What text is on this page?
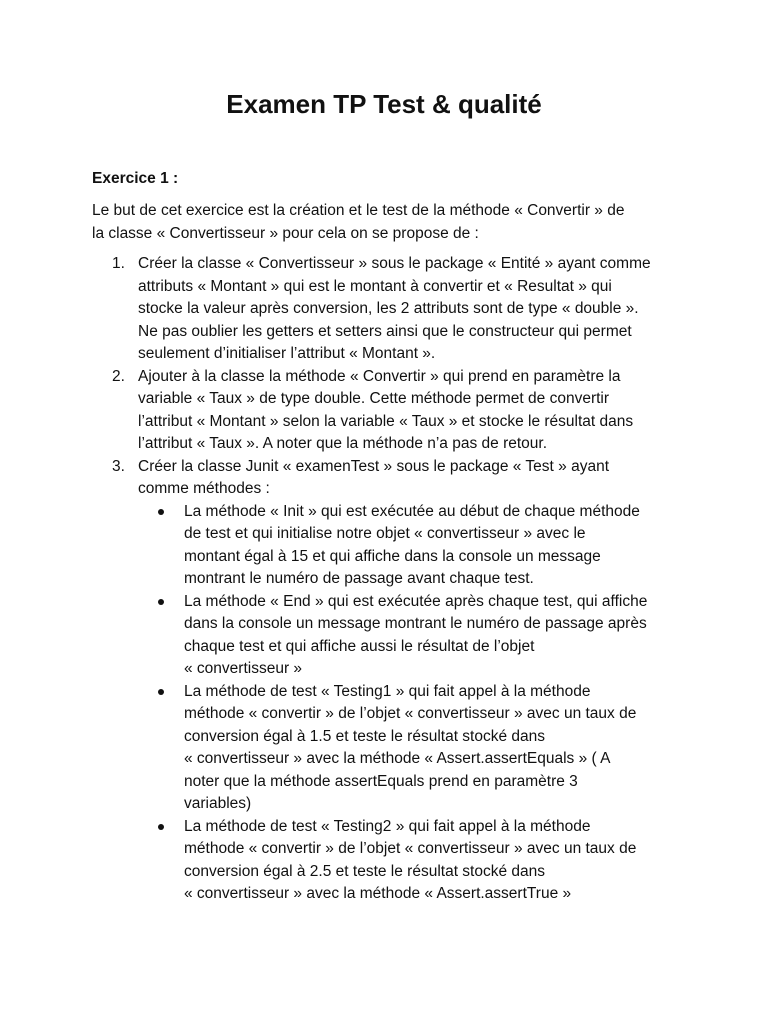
Examen TP Test & qualité
Exercice 1 :
Le but de cet exercice est la création et le test de la méthode « Convertir » de
la classe « Convertisseur » pour cela on se propose de :
1. Créer la classe « Convertisseur » sous le package « Entité » ayant comme
attributs « Montant » qui est le montant à convertir et « Resultat » qui
stocke la valeur après conversion, les 2 attributs sont de type « double ».
Ne pas oublier les getters et setters ainsi que le constructeur qui permet
seulement d’initialiser l’attribut « Montant ».
2. Ajouter à la classe la méthode « Convertir » qui prend en paramètre la
variable « Taux » de type double. Cette méthode permet de convertir
l’attribut « Montant » selon la variable « Taux » et stocke le résultat dans
l’attribut « Taux ». A noter que la méthode n’a pas de retour.
3. Créer la classe Junit « examenTest » sous le package « Test » ayant
comme méthodes :
La méthode « Init » qui est exécutée au début de chaque méthode
de test et qui initialise notre objet « convertisseur » avec le
montant égal à 15 et qui affiche dans la console un message
montrant le numéro de passage avant chaque test.
La méthode « End » qui est exécutée après chaque test, qui affiche
dans la console un message montrant le numéro de passage après
chaque test et qui affiche aussi le résultat de l’objet
« convertisseur »
La méthode de test « Testing1 » qui fait appel à la méthode
méthode « convertir » de l’objet « convertisseur » avec un taux de
conversion égal à 1.5 et teste le résultat stocké dans
« convertisseur » avec la méthode « Assert.assertEquals » ( A
noter que la méthode assertEquals prend en paramètre 3
variables)
La méthode de test « Testing2 » qui fait appel à la méthode
méthode « convertir » de l’objet « convertisseur » avec un taux de
conversion égal à 2.5 et teste le résultat stocké dans
« convertisseur » avec la méthode « Assert.assertTrue »
